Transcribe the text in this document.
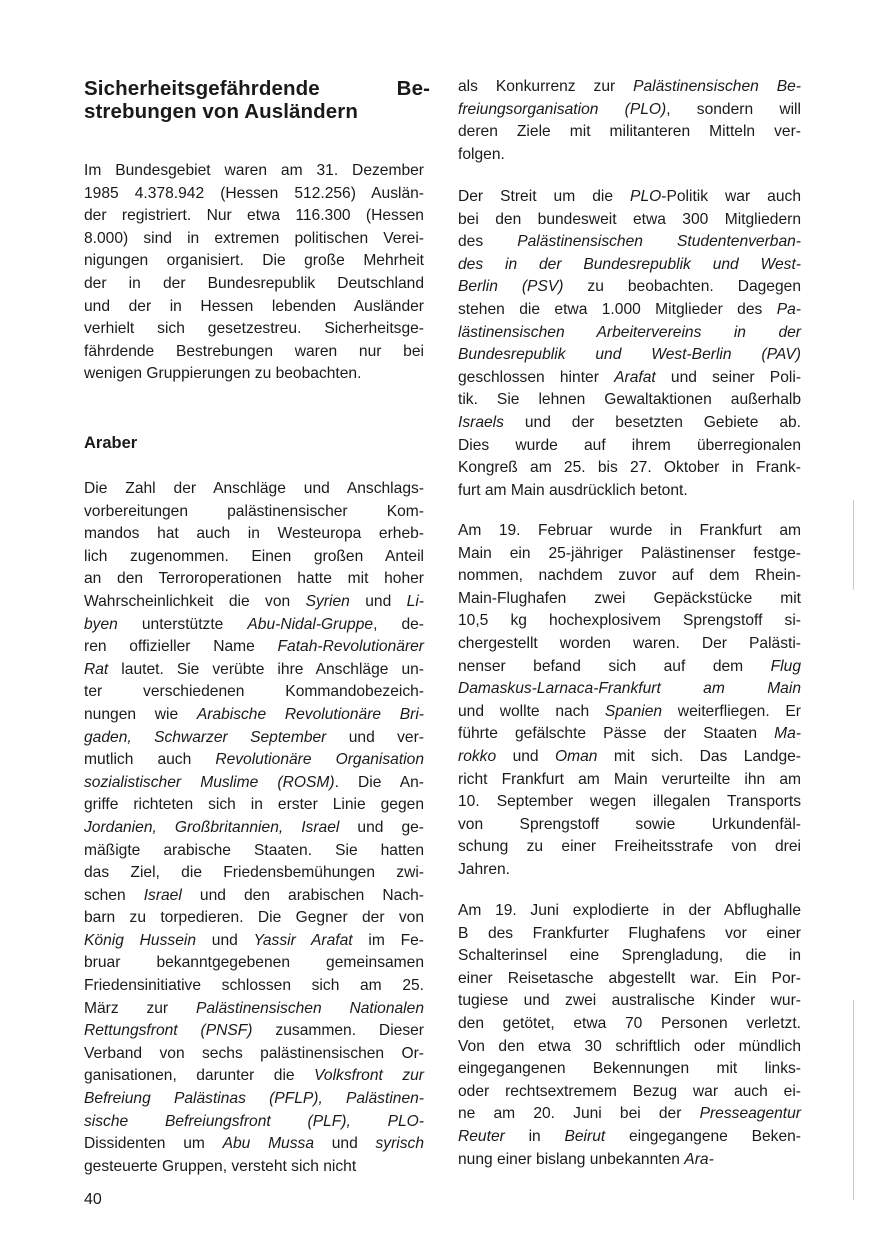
Sicherheitsgefährdende Be-
strebungen von Ausländern
Im Bundesgebiet waren am 31. Dezember
1985 4.378.942 (Hessen 512.256) Auslän-
der registriert. Nur etwa 116.300 (Hessen
8.000) sind in extremen politischen Verei-
nigungen organisiert. Die große Mehrheit
der in der Bundesrepublik Deutschland
und der in Hessen lebenden Ausländer
verhielt sich gesetzestreu. Sicherheitsge-
fährdende Bestrebungen waren nur bei
wenigen Gruppierungen zu beobachten.
Die Zahl der Anschläge und Anschlags-
vorbereitungen palästinensischer Kom-
mandos hat auch in Westeuropa erheb-
lich zugenommen. Einen großen Anteil
an den Terroroperationen hatte mit hoher
Wahrscheinlichkeit die von Syrien und Li-
byen unterstützte Abu-Nidal-Gruppe, de-
ren offizieller Name Fatah-Revolutionärer
Rat lautet. Sie verübte ihre Anschläge un-
ter verschiedenen Kommandobezeich-
nungen wie Arabische Revolutionäre Bri-
gaden, Schwarzer September und ver-
mutlich auch Revolutionäre Organisation
sozialistischer Muslime (ROSM). Die An-
griffe richteten sich in erster Linie gegen
Jordanien, Großbritannien, Israel und ge-
mäßigte arabische Staaten. Sie hatten
das Ziel, die Friedensbemühungen zwi-
schen Israel und den arabischen Nach-
barn zu torpedieren. Die Gegner der von
König Hussein und Yassir Arafat im Fe-
bruar bekanntgegebenen gemeinsamen
Friedensinitiative schlossen sich am 25.
März zur Palästinensischen Nationalen
Rettungsfront (PNSF) zusammen. Dieser
Verband von sechs palästinensischen Or-
ganisationen, darunter die Volksfront zur
Befreiung Palästinas (PFLP), Palästinen-
sische Befreiungsfront (PLF), PLO-
Dissidenten um Abu Mussa und syrisch
gesteuerte Gruppen, versteht sich nicht
Araber
als Konkurrenz zur Palästinensischen Be-
freiungsorganisation (PLO), sondern will
deren Ziele mit militanteren Mitteln ver-
folgen.
Der Streit um die PLO-Politik war auch
bei den bundesweit etwa 300 Mitgliedern
des Palästinensischen Studentenverban-
des in der Bundesrepublik und West-
Berlin (PSV) zu beobachten. Dagegen
stehen die etwa 1.000 Mitglieder des Pa-
lästinensischen Arbeitervereins in der
Bundesrepublik und West-Berlin (PAV)
geschlossen hinter Arafat und seiner Poli-
tik. Sie lehnen Gewaltaktionen außerhalb
Israels und der besetzten Gebiete ab.
Dies wurde auf ihrem überregionalen
Kongreß am 25. bis 27. Oktober in Frank-
furt am Main ausdrücklich betont.
Am 19. Februar wurde in Frankfurt am
Main ein 25-jähriger Palästinenser festge-
nommen, nachdem zuvor auf dem Rhein-
Main-Flughafen zwei Gepäckstücke mit
10,5 kg hochexplosivem Sprengstoff si-
chergestellt worden waren. Der Palästi-
nenser befand sich auf dem Flug
Damaskus-Larnaca-Frankfurt am Main
und wollte nach Spanien weiterfliegen. Er
führte gefälschte Pässe der Staaten Ma-
rokko und Oman mit sich. Das Landge-
richt Frankfurt am Main verurteilte ihn am
10. September wegen illegalen Transports
von Sprengstoff sowie Urkundenfäl-
schung zu einer Freiheitsstrafe von drei
Jahren.
Am 19. Juni explodierte in der Abflughalle
B des Frankfurter Flughafens vor einer
Schalterinsel eine Sprengladung, die in
einer Reisetasche abgestellt war. Ein Por-
tugiese und zwei australische Kinder wur-
den getötet, etwa 70 Personen verletzt.
Von den etwa 30 schriftlich oder mündlich
eingegangenen Bekennungen mit links-
oder rechtsextremem Bezug war auch ei-
ne am 20. Juni bei der Presseagentur
Reuter in Beirut eingegangene Beken-
nung einer bislang unbekannten Ara-
40
